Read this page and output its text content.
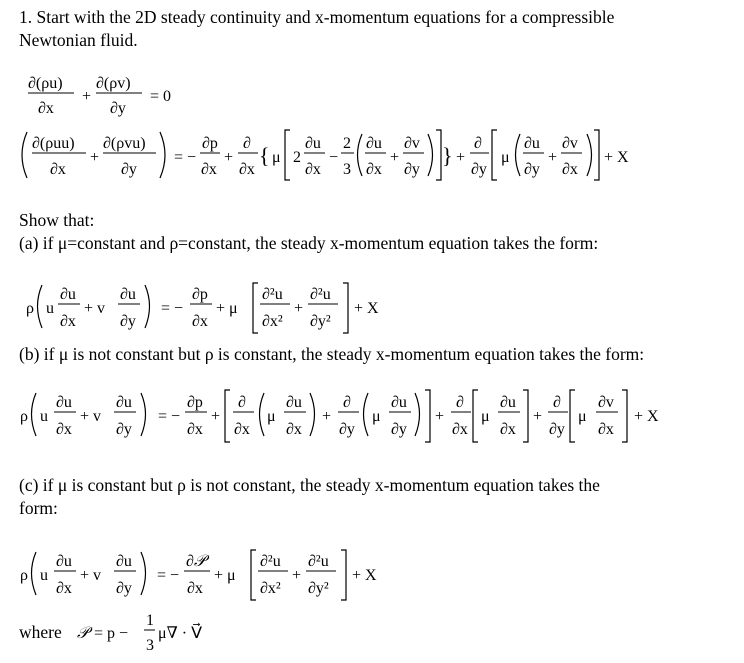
1. Start with the 2D steady continuity and x-momentum equations for a compressible
Newtonian fluid.
Show that:
(a) if μ=constant and ρ=constant, the steady x-momentum equation takes the form:
(b) if μ is not constant but ρ is constant, the steady x-momentum equation takes the form:
(c) if μ is constant but ρ is not constant, the steady x-momentum equation takes the
form:
where
∂(ρu)
∂x
+
∂(ρv)
∂y
= 0
∂(ρuu)
∂x
+
∂(ρvu)
∂y
= −
∂p
∂x
+
∂
∂x
{ μ 2
∂u
∂x
−
2
3
∂u
∂x
+
∂v
∂y
} +
∂
∂y
μ
∂u
∂y
+
∂v
∂x
+ X
ρ u
∂u
∂x
+ v
∂u
∂y
= −
∂p
∂x
+ μ
∂²u
∂x²
+
∂²u
∂y²
+ X
ρ u
∂u
∂x
+ v
∂u
∂y
= −
∂p
∂x
+
∂
∂x
μ
∂u
∂x
+
∂
∂y
μ
∂u
∂y
+
∂
∂x
μ
∂u
∂x
+
∂
∂y
μ
∂v
∂x
+ X
ρ u
∂u
∂x
+ v
∂u
∂y
= −
∂𝒫
∂x
+ μ
∂²u
∂x²
+
∂²u
∂y²
+ X
𝒫 = p −
1
3
μ∇ · V⃗
